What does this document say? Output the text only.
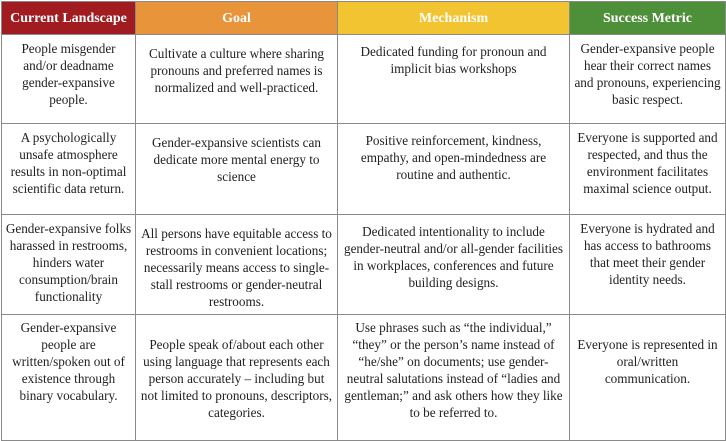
Current Landscape	Goal	Mechanism	Success Metric
People misgender and/or deadname gender-expansive people.	Cultivate a culture where sharing pronouns and preferred names is normalized and well-practiced.	Dedicated funding for pronoun and implicit bias workshops	Gender-expansive people hear their correct names and pronouns, experiencing basic respect.
A psychologically unsafe atmosphere results in non-optimal scientific data return.	Gender-expansive scientists can dedicate more mental energy to science	Positive reinforcement, kindness, empathy, and open-mindedness are routine and authentic.	Everyone is supported and respected, and thus the environment facilitates maximal science output.
Gender-expansive folks harassed in restrooms, hinders water consumption/brain functionality	All persons have equitable access to restrooms in convenient locations; necessarily means access to single-stall restrooms or gender-neutral restrooms.	Dedicated intentionality to include gender-neutral and/or all-gender facilities in workplaces, conferences and future building designs.	Everyone is hydrated and has access to bathrooms that meet their gender identity needs.
Gender-expansive people are written/spoken out of existence through binary vocabulary.	People speak of/about each other using language that represents each person accurately – including but not limited to pronouns, descriptors, categories.	Use phrases such as “the individual,” “they” or the person’s name instead of “he/she” on documents; use gender-neutral salutations instead of “ladies and gentleman;” and ask others how they like to be referred to.	Everyone is represented in oral/written communication.
